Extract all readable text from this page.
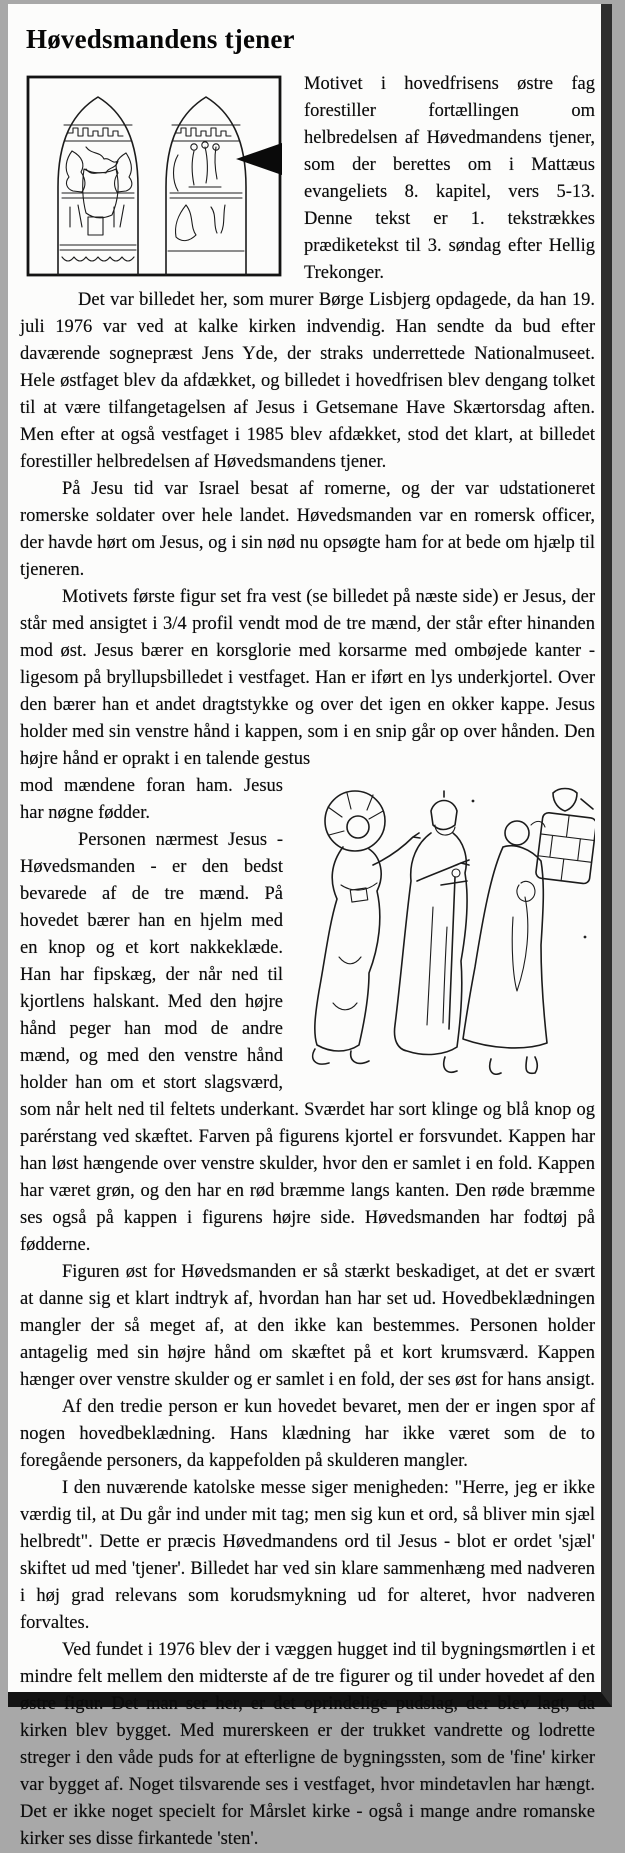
Høvedsmandens tjener

Motivet i hovedfrisens østre fag forestiller fortællingen om helbredelsen af Høvedmandens tjener, som der berettes om i Mattæus evangeliets 8. kapitel, vers 5-13. Denne tekst er 1. tekstrækkes prædiketekst til 3. søndag efter Hellig Trekonger.

Det var billedet her, som murer Børge Lisbjerg opdagede, da han 19. juli 1976 var ved at kalke kirken indvendig. Han sendte da bud efter daværende sognepræst Jens Yde, der straks underrettede Nationalmuseet. Hele østfaget blev da afdækket, og billedet i hovedfrisen blev dengang tolket til at være tilfangetagelsen af Jesus i Getsemane Have Skærtorsdag aften. Men efter at også vestfaget i 1985 blev afdækket, stod det klart, at billedet forestiller helbredelsen af Høvedsmandens tjener.

På Jesu tid var Israel besat af romerne, og der var udstationeret romerske soldater over hele landet. Høvedsmanden var en romersk officer, der havde hørt om Jesus, og i sin nød nu opsøgte ham for at bede om hjælp til tjeneren.

Motivets første figur set fra vest (se billedet på næste side) er Jesus, der står med ansigtet i 3/4 profil vendt mod de tre mænd, der står efter hinanden mod øst. Jesus bærer en korsglorie med korsarme med ombøjede kanter - ligesom på bryllupsbilledet i vestfaget. Han er iført en lys underkjortel. Over den bærer han et andet dragtstykke og over det igen en okker kappe. Jesus holder med sin venstre hånd i kappen, som i en snip går op over hånden. Den højre hånd er oprakt i en talende gestus

mod mændene foran ham. Jesus har nøgne fødder.

Personen nærmest Jesus - Høvedsmanden - er den bedst bevarede af de tre mænd. På hovedet bærer han en hjelm med en knop og et kort nakkeklæde. Han har fipskæg, der når ned til kjortlens halskant. Med den højre hånd peger han mod de andre mænd, og med den venstre hånd holder han om et stort slagsværd, som når helt ned til feltets underkant. Sværdet har sort klinge og blå knop og parérstang ved skæftet. Farven på figurens kjortel er forsvundet. Kappen har han løst hængende over venstre skulder, hvor den er samlet i en fold. Kappen har været grøn, og den har en rød bræmme langs kanten. Den røde bræmme ses også på kappen i figurens højre side. Høvedsmanden har fodtøj på fødderne.

Figuren øst for Høvedsmanden er så stærkt beskadiget, at det er svært at danne sig et klart indtryk af, hvordan han har set ud. Hovedbeklædningen mangler der så meget af, at den ikke kan bestemmes. Personen holder antagelig med sin højre hånd om skæftet på et kort krumsværd. Kappen hænger over venstre skulder og er samlet i en fold, der ses øst for hans ansigt.

Af den tredie person er kun hovedet bevaret, men der er ingen spor af nogen hovedbeklædning. Hans klædning har ikke været som de to foregående personers, da kappefolden på skulderen mangler.

I den nuværende katolske messe siger menigheden: "Herre, jeg er ikke værdig til, at Du går ind under mit tag; men sig kun et ord, så bliver min sjæl helbredt". Dette er præcis Høvedmandens ord til Jesus - blot er ordet 'sjæl' skiftet ud med 'tjener'. Billedet har ved sin klare sammenhæng med nadveren i høj grad relevans som korudsmykning ud for alteret, hvor nadveren forvaltes.

Ved fundet i 1976 blev der i væggen hugget ind til bygningsmørtlen i et mindre felt mellem den midterste af de tre figurer og til under hovedet af den østre figur. Det man ser her, er det oprindelige pudslag, der blev lagt, da kirken blev bygget. Med murerskeen er der trukket vandrette og lodrette streger i den våde puds for at efterligne de bygningssten, som de 'fine' kirker var bygget af. Noget tilsvarende ses i vestfaget, hvor mindetavlen har hængt. Det er ikke noget specielt for Mårslet kirke - også i mange andre romanske kirker ses disse firkantede 'sten'.
